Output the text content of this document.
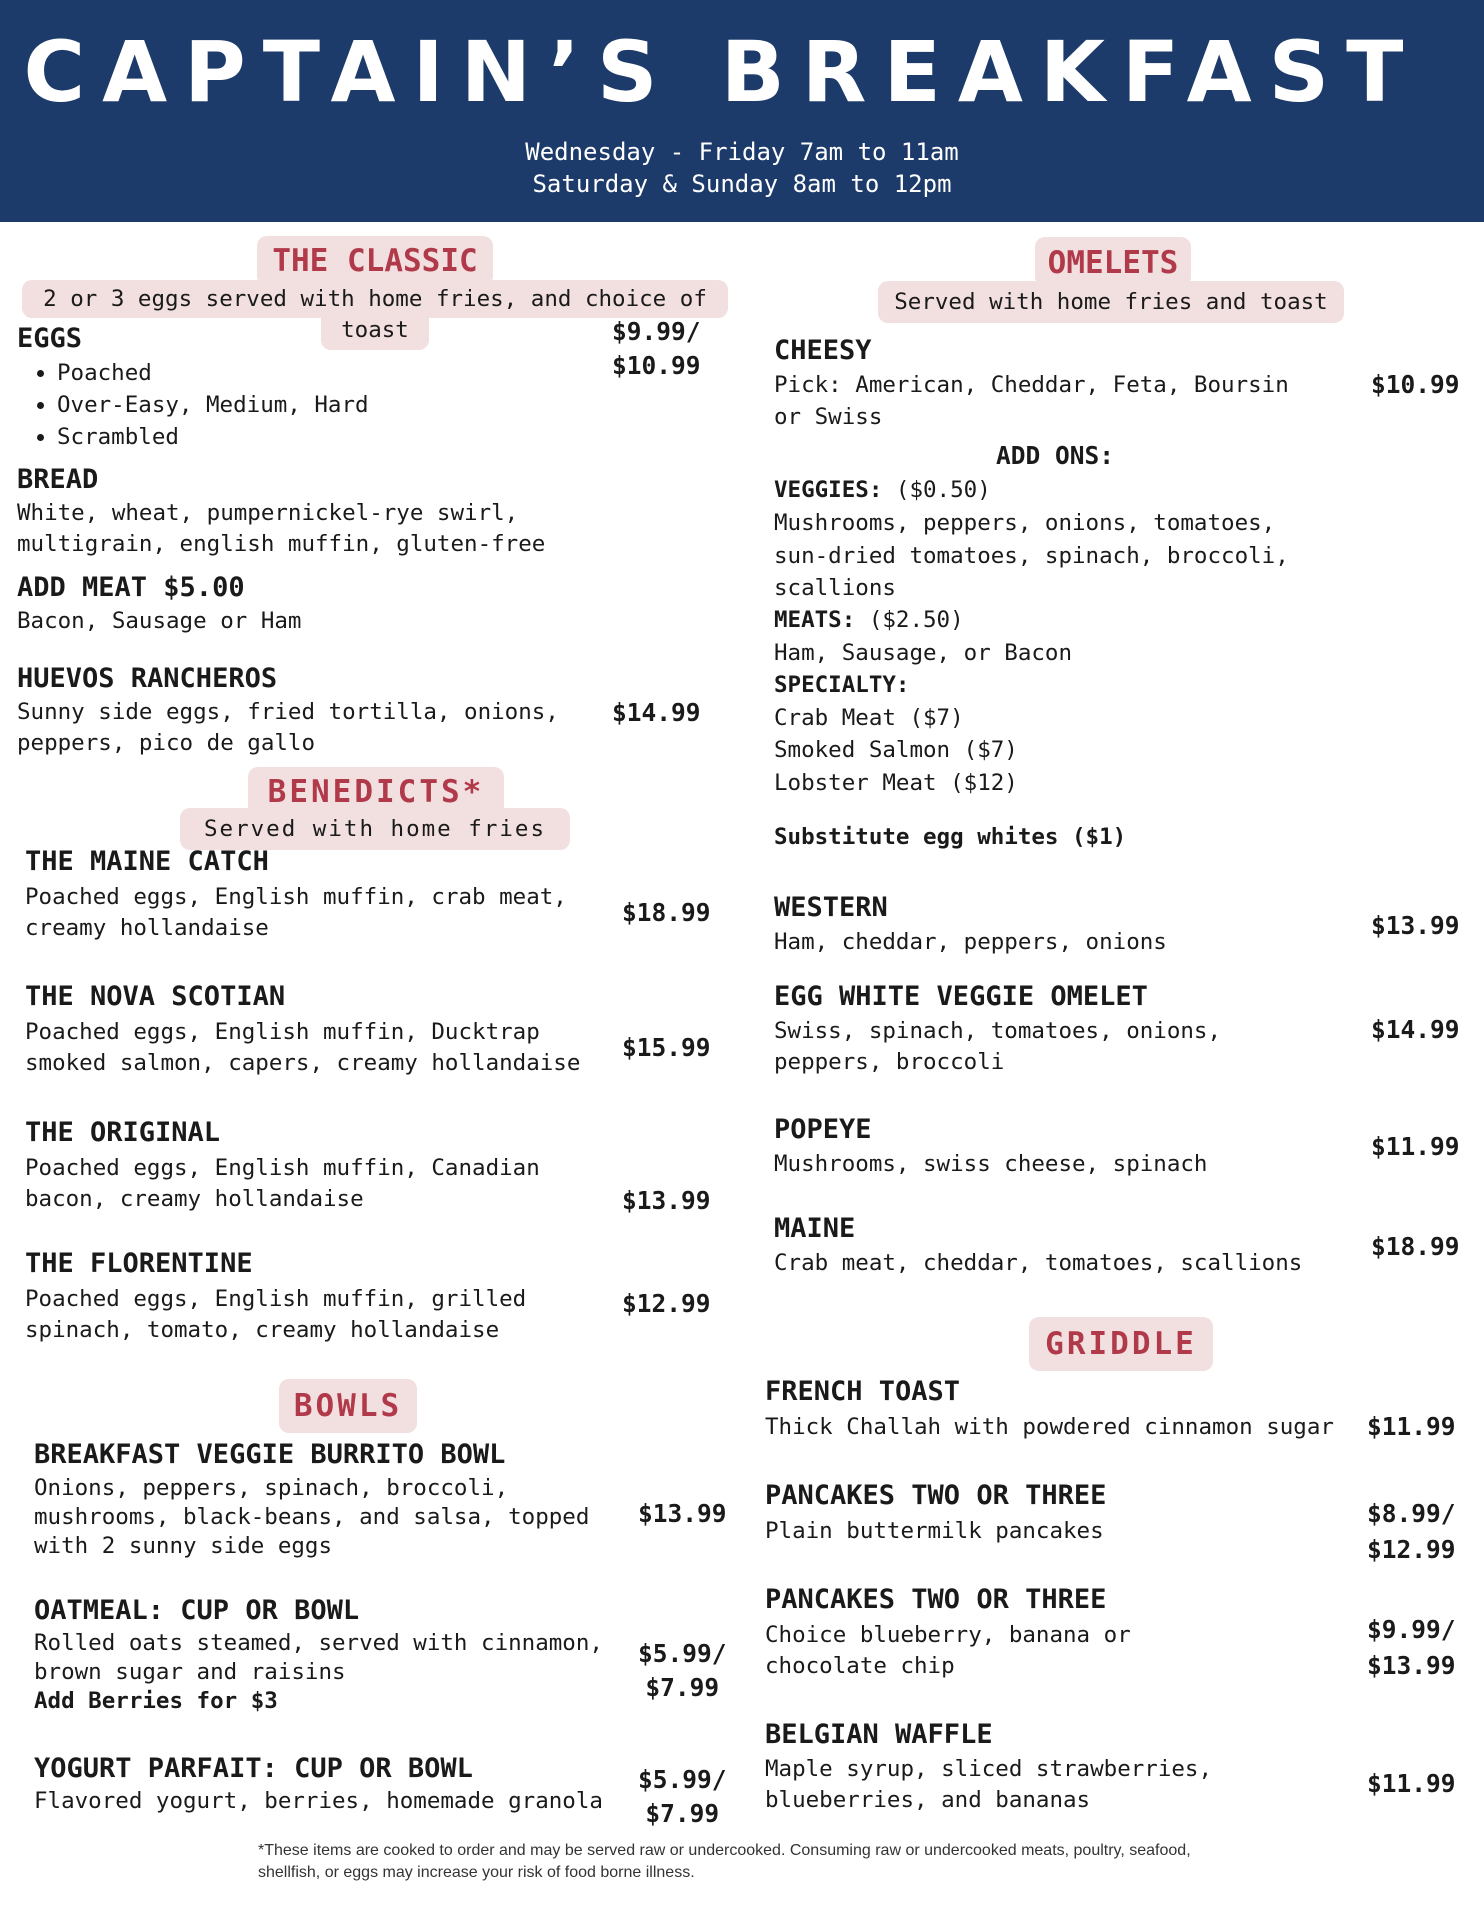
CAPTAIN’S BREAKFAST
Wednesday - Friday 7am to 11am
Saturday & Sunday 8am to 12pm
THE CLASSIC
2 or 3 eggs served with home fries, and choice of
toast
EGGS	$9.99/
$10.99
• Poached
• Over-Easy, Medium, Hard
• Scrambled
BREAD
White, wheat, pumpernickel-rye swirl,
multigrain, english muffin, gluten-free
ADD MEAT $5.00
Bacon, Sausage or Ham
HUEVOS RANCHEROS
Sunny side eggs, fried tortilla, onions,
peppers, pico de gallo
$14.99
BENEDICTS*
Served with home fries
THE MAINE CATCH
Poached eggs, English muffin, crab meat,
creamy hollandaise
$18.99
THE NOVA SCOTIAN
Poached eggs, English muffin, Ducktrap
smoked salmon, capers, creamy hollandaise
$15.99
THE ORIGINAL
Poached eggs, English muffin, Canadian
bacon, creamy hollandaise	$13.99
THE FLORENTINE
Poached eggs, English muffin, grilled
spinach, tomato, creamy hollandaise
$12.99
BOWLS
BREAKFAST VEGGIE BURRITO BOWL
Onions, peppers, spinach, broccoli,
mushrooms, black-beans, and salsa, topped
with 2 sunny side eggs
$13.99
OATMEAL: CUP OR BOWL
Rolled oats steamed, served with cinnamon,
brown sugar and raisins
Add Berries for $3
$5.99/
$7.99
YOGURT PARFAIT: CUP OR BOWL
Flavored yogurt, berries, homemade granola
$5.99/
$7.99
OMELETS
Served with home fries and toast
CHEESY
Pick: American, Cheddar, Feta, Boursin
or Swiss
$10.99
ADD ONS:
VEGGIES: ($0.50)
Mushrooms, peppers, onions, tomatoes,
sun-dried tomatoes, spinach, broccoli,
scallions
MEATS: ($2.50)
Ham, Sausage, or Bacon
SPECIALTY:
Crab Meat ($7)
Smoked Salmon ($7)
Lobster Meat ($12)
Substitute egg whites ($1)
WESTERN
Ham, cheddar, peppers, onions
$13.99
EGG WHITE VEGGIE OMELET
Swiss, spinach, tomatoes, onions,
peppers, broccoli
$14.99
POPEYE
Mushrooms, swiss cheese, spinach
$11.99
MAINE
Crab meat, cheddar, tomatoes, scallions
$18.99
GRIDDLE
FRENCH TOAST
Thick Challah with powdered cinnamon sugar $11.99
PANCAKES TWO OR THREE
Plain buttermilk pancakes
$8.99/
$12.99
PANCAKES TWO OR THREE
Choice blueberry, banana or
chocolate chip
$9.99/
$13.99
BELGIAN WAFFLE
Maple syrup, sliced strawberries,
blueberries, and bananas
$11.99
*These items are cooked to order and may be served raw or undercooked. Consuming raw or undercooked meats, poultry, seafood, shellfish, or eggs may increase your risk of food borne illness.
